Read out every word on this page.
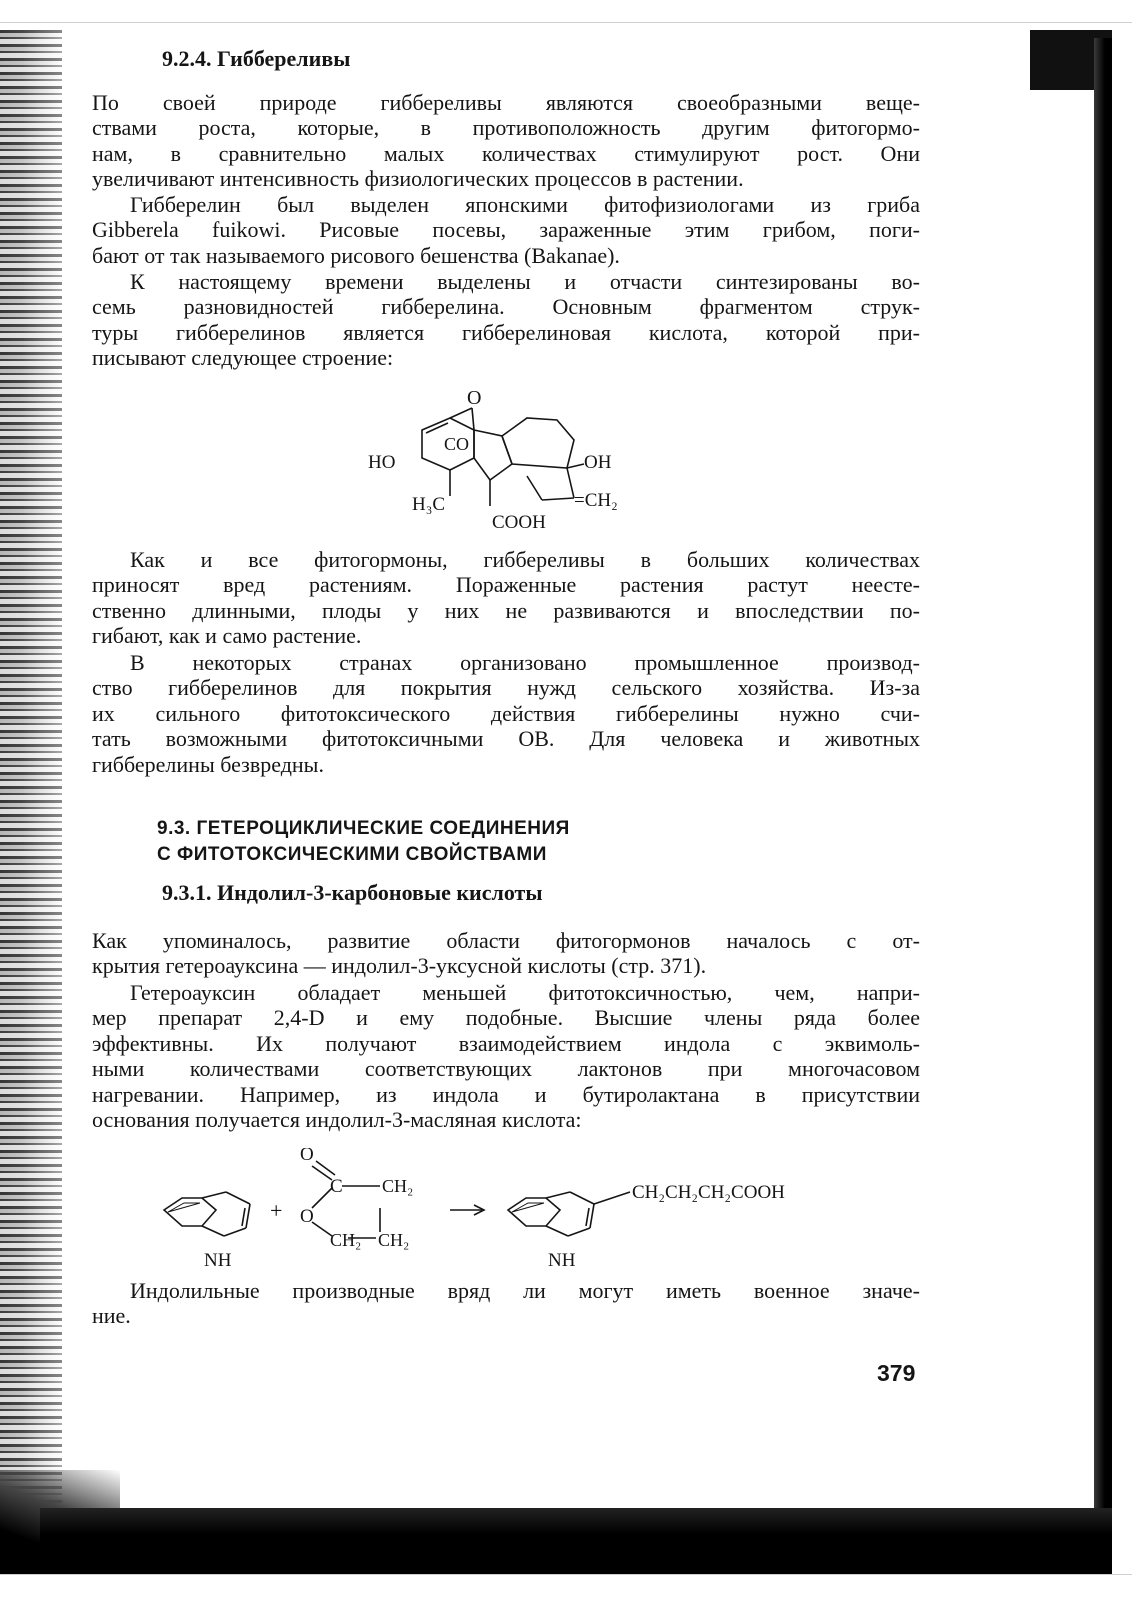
9.2.4. Гиббереливы

По своей природе гиббереливы являются своеобразными веще-
ствами роста, которые, в противоположность другим фитогормо-
нам, в сравнительно малых количествах стимулируют рост. Они
увеличивают интенсивность физиологических процессов в растении.

Гибберелин был выделен японскими фитофизиологами из гриба
Gibberela fuikowi. Рисовые посевы, зараженные этим грибом, поги-
бают от так называемого рисового бешенства (Bakanae).

К настоящему времени выделены и отчасти синтезированы во-
семь разновидностей гибберелина. Основным фрагментом струк-
туры гибберелинов является гибберелиновая кислота, которой при-
писывают следующее строение:

O
CO
HO	OH
H₃C
COOH
=CH₂

Как и все фитогормоны, гиббереливы в больших количествах
приносят вред растениям. Пораженные растения растут неесте-
ственно длинными, плоды у них не развиваются и впоследствии по-
гибают, как и само растение.

В некоторых странах организовано промышленное производ-
ство гибберелинов для покрытия нужд сельского хозяйства. Из-за
их сильного фитотоксического действия гибберелины нужно счи-
тать возможными фитотоксичными ОВ. Для человека и животных
гибберелины безвредны.

9.3. ГЕТЕРОЦИКЛИЧЕСКИЕ СОЕДИНЕНИЯ
С ФИТОТОКСИЧЕСКИМИ СВОЙСТВАМИ
9.3.1. Индолил-3-карбоновые кислоты

Как упоминалось, развитие области фитогормонов началось с от-
крытия гетероауксина — индолил-3-уксусной кислоты (стр. 371).

Гетероауксин обладает меньшей фитотоксичностью, чем, напри-
мер препарат 2,4-D и ему подобные. Высшие члены ряда более
эффективны. Их получают взаимодействием индола с эквимоль-
ными количествами соответствующих лактонов при многочасовом
нагревании. Например, из индола и бутиролактана в присутствии
основания получается индолил-3-масляная кислота:

NH
+
O
C CH₂
O
CH₂ CH₂
NH
CH₂CH₂CH₂COOH

Индолильные производные вряд ли могут иметь военное значе-
ние.

379
